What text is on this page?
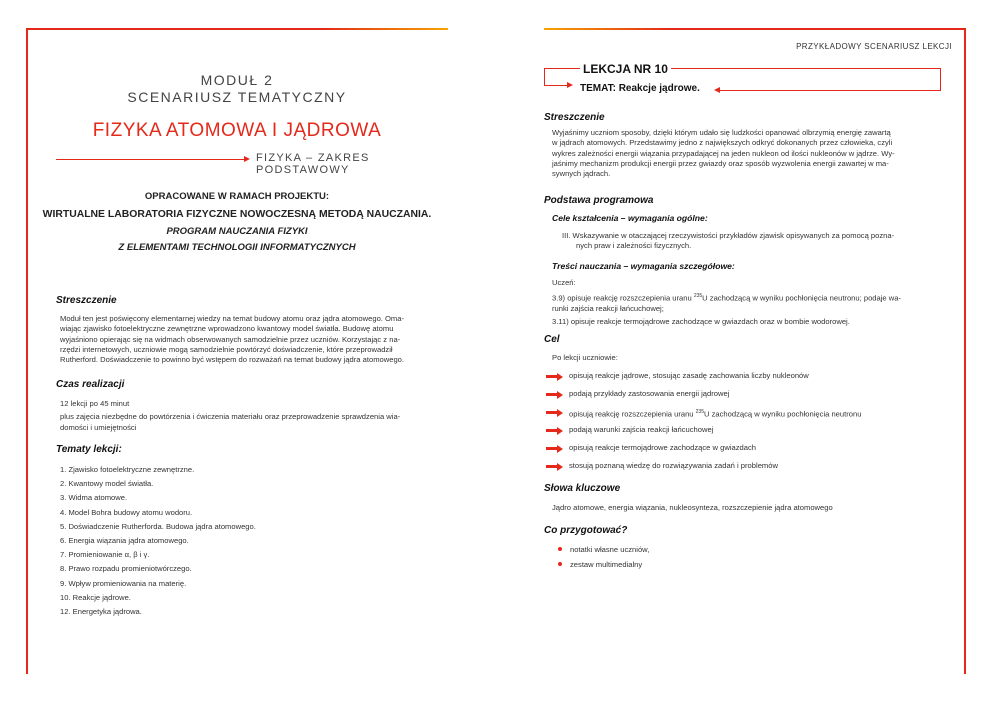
MODUŁ 2
SCENARIUSZ TEMATYCZNY
FIZYKA ATOMOWA I JĄDROWA
FIZYKA – ZAKRES PODSTAWOWY
OPRACOWANE W RAMACH PROJEKTU:
WIRTUALNE LABORATORIA FIZYCZNE NOWOCZESNĄ METODĄ NAUCZANIA.
PROGRAM NAUCZANIA FIZYKI
Z ELEMENTAMI TECHNOLOGII INFORMATYCZNYCH
Streszczenie
Moduł ten jest poświęcony elementarnej wiedzy na temat budowy atomu oraz jądra atomowego. Oma-
wiając zjawisko fotoelektryczne zewnętrzne wprowadzono kwantowy model światła. Budowę atomu
wyjaśniono opierając się na widmach obserwowanych samodzielnie przez uczniów. Korzystając z na-
rzędzi internetowych, uczniowie mogą samodzielnie powtórzyć doświadczenie, które przeprowadził
Rutherford. Doświadczenie to powinno być wstępem do rozważań na temat budowy jądra atomowego.
Czas realizacji
12 lekcji po 45 minut
plus zajęcia niezbędne do powtórzenia i ćwiczenia materiału oraz przeprowadzenie sprawdzenia wia-
domości i umiejętności
Tematy lekcji:
1. Zjawisko fotoelektryczne zewnętrzne.
2. Kwantowy model światła.
3. Widma atomowe.
4. Model Bohra budowy atomu wodoru.
5. Doświadczenie Rutherforda. Budowa jądra atomowego.
6. Energia wiązania jądra atomowego.
7. Promieniowanie α, β i γ.
8. Prawo rozpadu promieniotwórczego.
9. Wpływ promieniowania na materię.
10. Reakcje jądrowe.
12. Energetyka jądrowa.
PRZYKŁADOWY SCENARIUSZ LEKCJI
LEKCJA NR 10
TEMAT: Reakcje jądrowe.
Streszczenie
Wyjaśnimy uczniom sposoby, dzięki którym udało się ludzkości opanować olbrzymią energię zawartą
w jądrach atomowych. Przedstawimy jedno z największych odkryć dokonanych przez człowieka, czyli
wykres zależności energii wiązania przypadającej na jeden nukleon od ilości nukleonów w jądrze. Wy-
jaśnimy mechanizm produkcji energii przez gwiazdy oraz sposób wyzwolenia energii zawartej w ma-
sywnych jądrach.
Podstawa programowa
Cele kształcenia – wymagania ogólne:
III. Wskazywanie w otaczającej rzeczywistości przykładów zjawisk opisywanych za pomocą pozna-
nych praw i zależności fizycznych.
Treści nauczania – wymagania szczegółowe:
Uczeń:
3.9) opisuje reakcję rozszczepienia uranu $^{235}$U zachodzącą w wyniku pochłonięcia neutronu; podaje wa-
runki zajścia reakcji łańcuchowej;
3.11) opisuje reakcje termojądrowe zachodzące w gwiazdach oraz w bombie wodorowej.
Cel
Po lekcji uczniowie:
opisują reakcje jądrowe, stosując zasadę zachowania liczby nukleonów
podają przykłady zastosowania energii jądrowej
opisują reakcję rozszczepienia uranu $^{235}$U zachodzącą w wyniku pochłonięcia neutronu
podają warunki zajścia reakcji łańcuchowej
opisują reakcje termojądrowe zachodzące w gwiazdach
stosują poznaną wiedzę do rozwiązywania zadań i problemów
Słowa kluczowe
Jądro atomowe, energia wiązania, nukleosynteza, rozszczepienie jądra atomowego
Co przygotować?
notatki własne uczniów,
zestaw multimedialny
